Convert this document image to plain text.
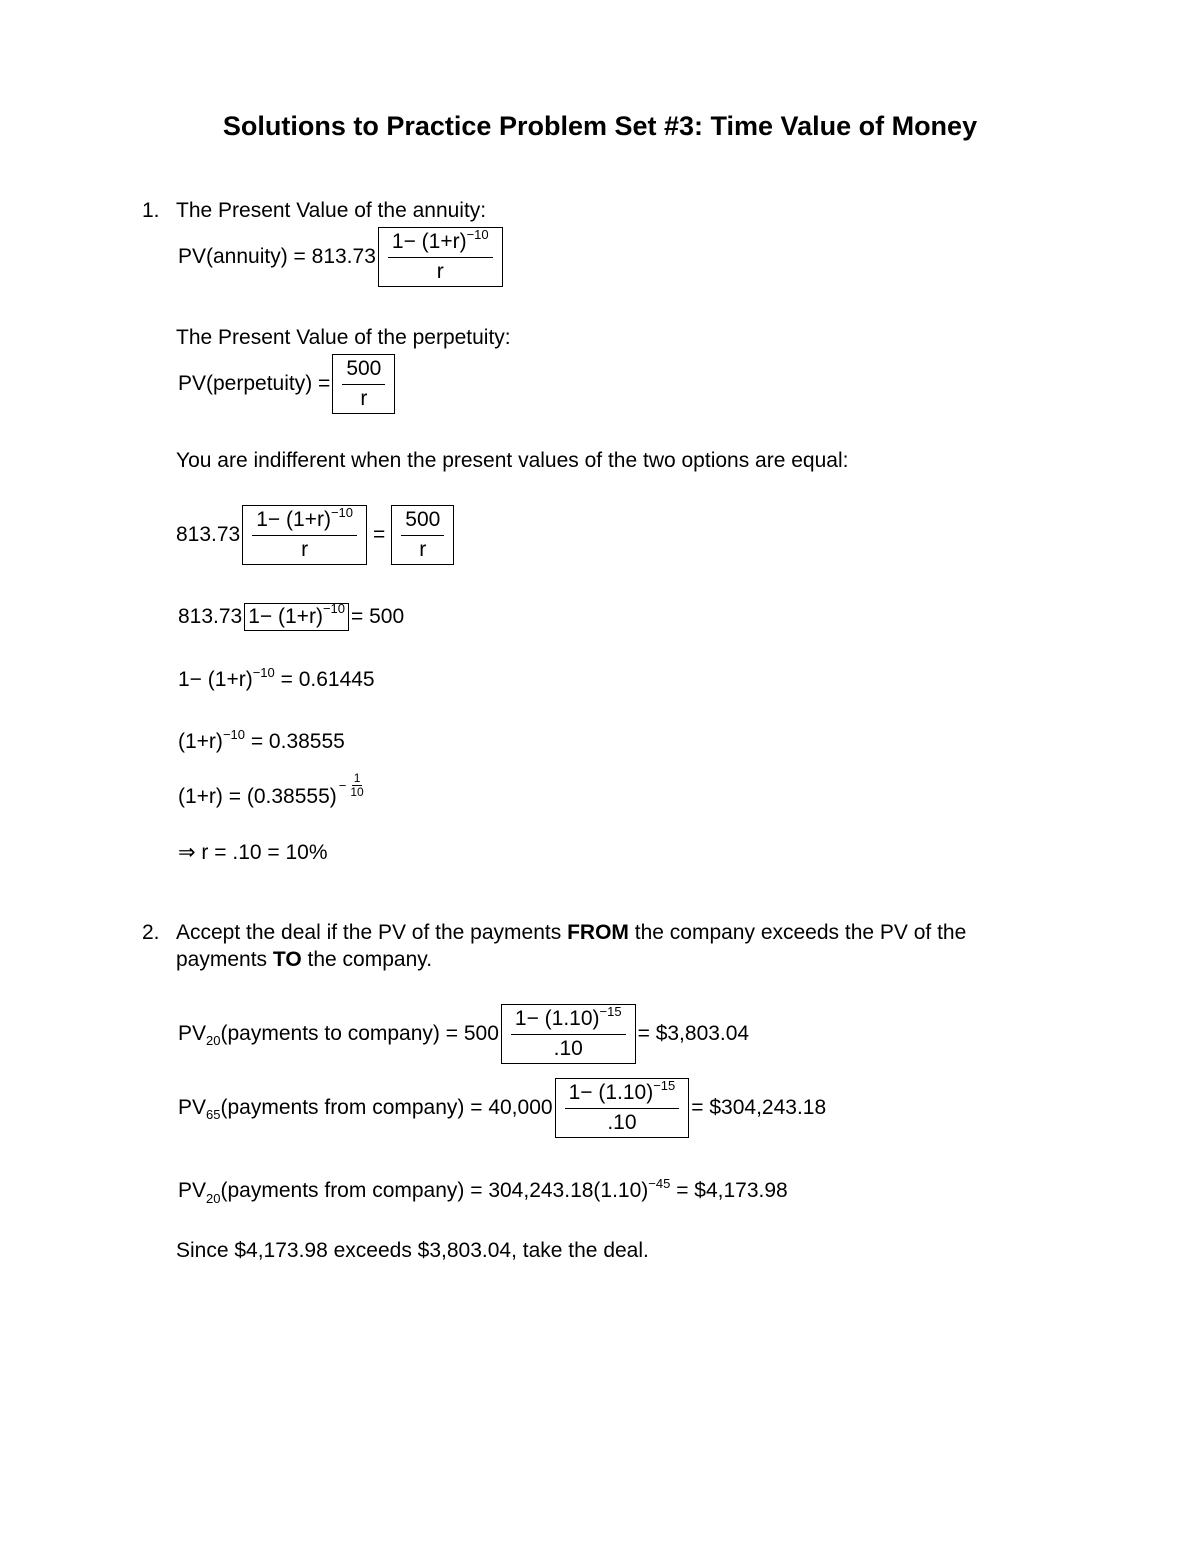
Solutions to Practice Problem Set #3: Time Value of Money
1. The Present Value of the annuity:
PV(annuity) = $813.73 \frac{1- (1+r)^{-10}}{r}$
The Present Value of the perpetuity:
PV(perpetuity) = $\frac{500}{r}$
You are indifferent when the present values of the two options are equal:
$813.73 \frac{1- (1+r)^{-10}}{r} = \frac{500}{r}$
813.73 $1- (1+r)^{-10} = 500$
$1- (1+r)^{-10} = 0.61445$
$(1+r)^{-10} = 0.38555$
$(1+r) = (0.38555) - \frac{1}{10}$
⇒ r = .10 = 10%
2. Accept the deal if the PV of the payments FROM the company exceeds the PV of the
payments TO the company.
$PV_{20}$ (payments to company) = $500 \frac{1- (1.10)^{-15}}{.10}$ = $3,803.04
$PV_{65}$ (payments from company) = $40,000 \frac{1- (1.10)^{-15}}{.10}$ = $304,243.18
$PV_{20}(payments$ from company) = $304,243.18(1.10)^{-45}$ = $4,173.98
Since $4,173.98 exceeds $3,803.04, take the deal.
